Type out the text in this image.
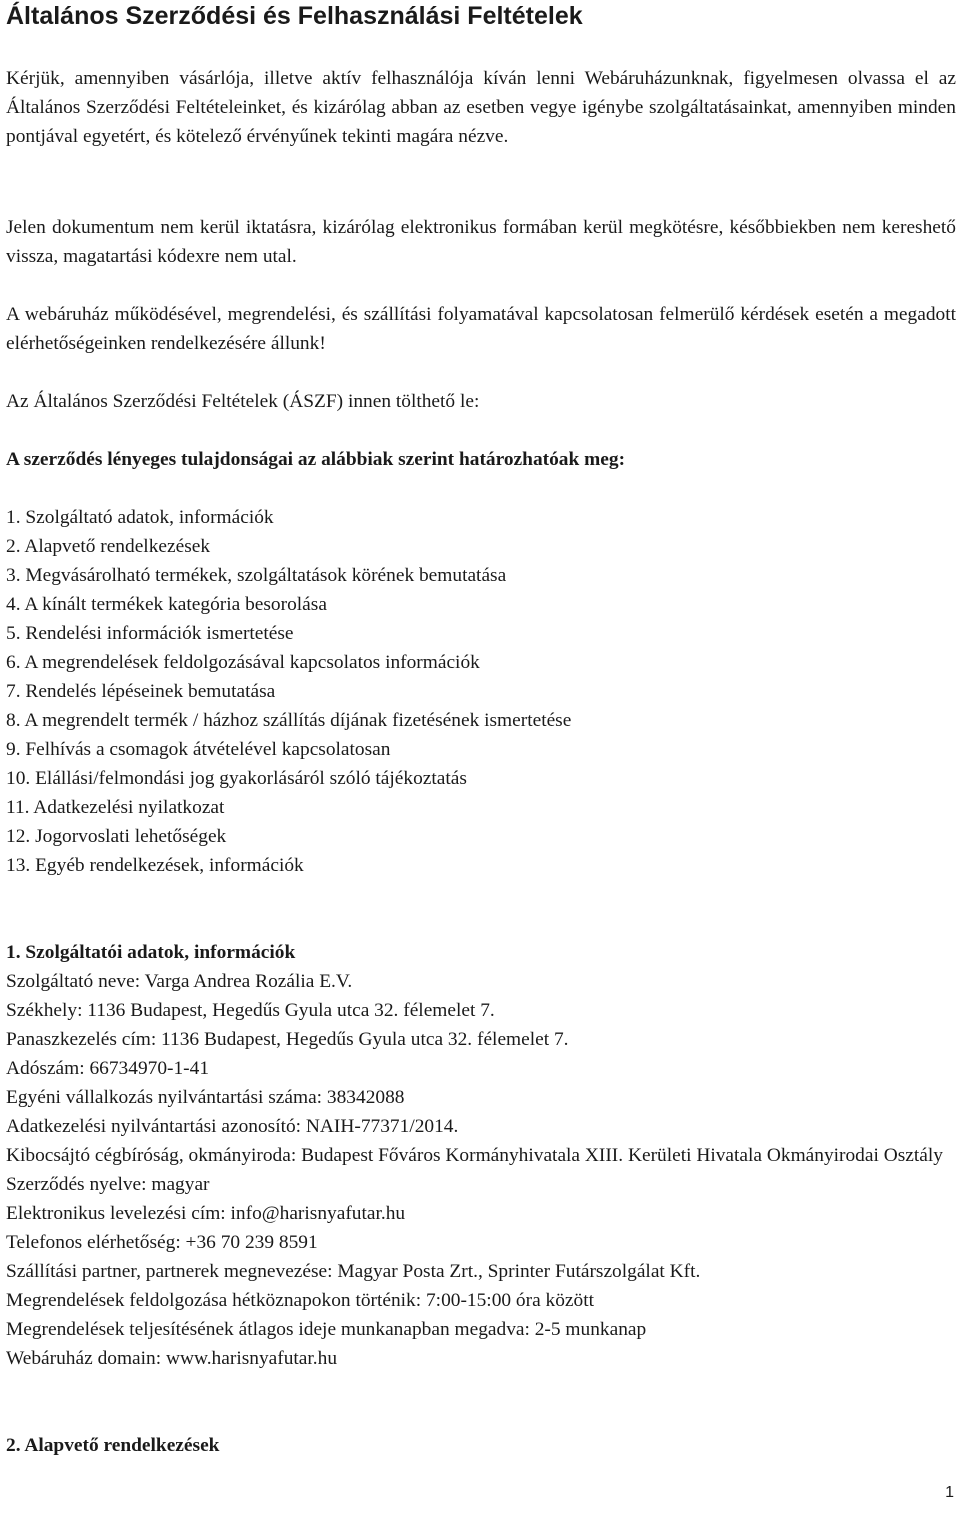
Általános Szerződési és Felhasználási Feltételek

Kérjük, amennyiben vásárlója, illetve aktív felhasználója kíván lenni Webáruházunknak, figyelmesen olvassa el az Általános Szerződési Feltételeinket, és kizárólag abban az esetben vegye igénybe szolgáltatásainkat, amennyiben minden pontjával egyetért, és kötelező érvényűnek tekinti magára nézve.

Jelen dokumentum nem kerül iktatásra, kizárólag elektronikus formában kerül megkötésre, későbbiekben nem kereshető vissza, magatartási kódexre nem utal.

A webáruház működésével, megrendelési, és szállítási folyamatával kapcsolatosan felmerülő kérdések esetén a megadott elérhetőségeinken rendelkezésére állunk!

Az Általános Szerződési Feltételek (ÁSZF) innen tölthető le:

A szerződés lényeges tulajdonságai az alábbiak szerint határozhatóak meg:

1. Szolgáltató adatok, információk
2. Alapvető rendelkezések
3. Megvásárolható termékek, szolgáltatások körének bemutatása
4. A kínált termékek kategória besorolása
5. Rendelési információk ismertetése
6. A megrendelések feldolgozásával kapcsolatos információk
7. Rendelés lépéseinek bemutatása
8. A megrendelt termék / házhoz szállítás díjának fizetésének ismertetése
9. Felhívás a csomagok átvételével kapcsolatosan
10. Elállási/felmondási jog gyakorlásáról szóló tájékoztatás
11. Adatkezelési nyilatkozat
12. Jogorvoslati lehetőségek
13. Egyéb rendelkezések, információk
1. Szolgáltatói adatok, információk
Szolgáltató neve: Varga Andrea Rozália E.V.
Székhely: 1136 Budapest, Hegedűs Gyula utca 32. félemelet 7.
Panaszkezelés cím: 1136 Budapest, Hegedűs Gyula utca 32. félemelet 7.
Adószám: 66734970-1-41
Egyéni vállalkozás nyilvántartási száma: 38342088
Adatkezelési nyilvántartási azonosító: NAIH-77371/2014.
Kibocsájtó cégbíróság, okmányiroda: Budapest Főváros Kormányhivatala XIII. Kerületi Hivatala Okmányirodai Osztály
Szerződés nyelve: magyar
Elektronikus levelezési cím: info@harisnyafutar.hu
Telefonos elérhetőség: +36 70 239 8591
Szállítási partner, partnerek megnevezése: Magyar Posta Zrt., Sprinter Futárszolgálat Kft.
Megrendelések feldolgozása hétköznapokon történik: 7:00-15:00 óra között
Megrendelések teljesítésének átlagos ideje munkanapban megadva: 2-5 munkanap
Webáruház domain: www.harisnyafutar.hu

2. Alapvető rendelkezések

1
